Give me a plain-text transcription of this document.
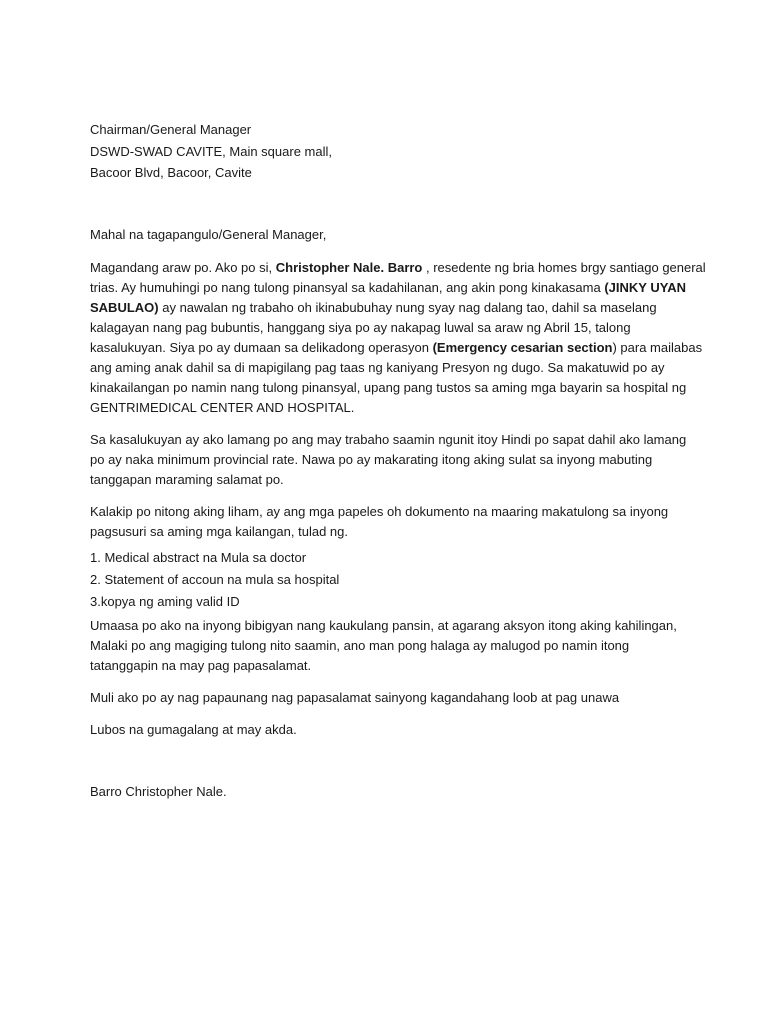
Chairman/General Manager
DSWD-SWAD CAVITE, Main square mall,
Bacoor Blvd, Bacoor, Cavite
Mahal na tagapangulo/General Manager,
Magandang araw po. Ako po si, Christopher Nale. Barro , resedente ng bria homes brgy santiago general
trias. Ay humuhingi po nang tulong pinansyal sa kadahilanan, ang akin pong kinakasama (JINKY UYAN
SABULAO) ay nawalan ng trabaho oh ikinabubuhay nung syay nag dalang tao, dahil sa maselang
kalagayan nang pag bubuntis, hanggang siya po ay nakapag luwal sa araw ng Abril 15, talong
kasalukuyan. Siya po ay dumaan sa delikadong operasyon (Emergency cesarian section) para mailabas
ang aming anak dahil sa di mapigilang pag taas ng kaniyang Presyon ng dugo. Sa makatuwid po ay
kinakailangan po namin nang tulong pinansyal, upang pang tustos sa aming mga bayarin sa hospital ng
GENTRIMEDICAL CENTER AND HOSPITAL.
Sa kasalukuyan ay ako lamang po ang may trabaho saamin ngunit itoy Hindi po sapat dahil ako lamang
po ay naka minimum provincial rate. Nawa po ay makarating itong aking sulat sa inyong mabuting
tanggapan maraming salamat po.
Kalakip po nitong aking liham, ay ang mga papeles oh dokumento na maaring makatulong sa inyong
pagsusuri sa aming mga kailangan, tulad ng.
1. Medical abstract na Mula sa doctor
2. Statement of accoun na mula sa hospital
3.kopya ng aming valid ID
Umaasa po ako na inyong bibigyan nang kaukulang pansin, at agarang aksyon itong aking kahilingan,
Malaki po ang magiging tulong nito saamin, ano man pong halaga ay malugod po namin itong
tatanggapin na may pag papasalamat.
Muli ako po ay nag papaunang nag papasalamat sainyong kagandahang loob at pag unawa
Lubos na gumagalang at may akda.
Barro Christopher Nale.
